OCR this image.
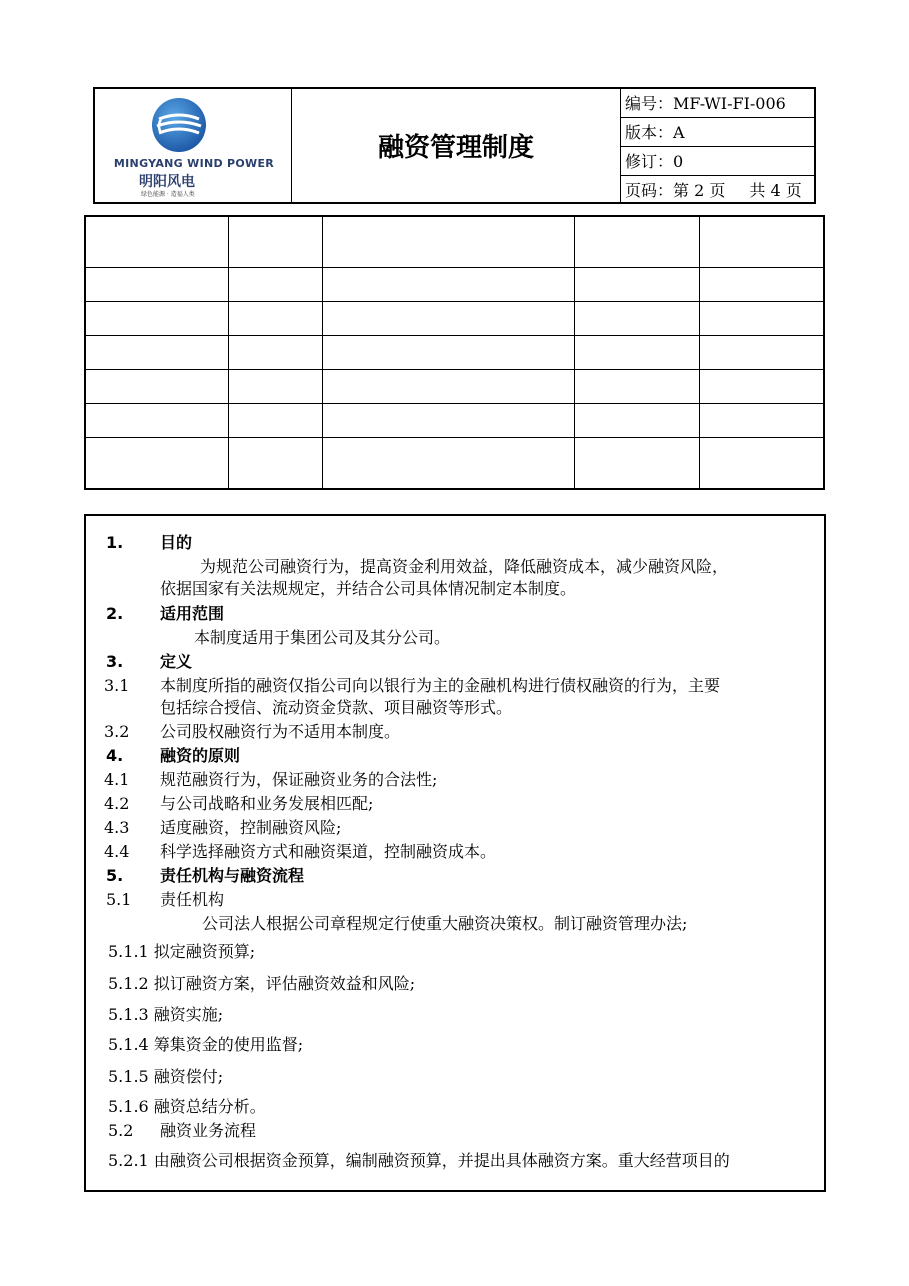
MINGYANG WIND POWER
明阳风电
绿色能源 · 造福人类
融资管理制度
编号：MF-WI-FI-006
版本：A
修订：0
页码：第 2 页 共 4 页

1. 目的
为规范公司融资行为，提高资金利用效益，降低融资成本，减少融资风险，
依据国家有关法规规定，并结合公司具体情况制定本制度。
2. 适用范围
本制度适用于集团公司及其分公司。
3. 定义
3.1 本制度所指的融资仅指公司向以银行为主的金融机构进行债权融资的行为，主要
包括综合授信、流动资金贷款、项目融资等形式。
3.2 公司股权融资行为不适用本制度。
4. 融资的原则
4.1 规范融资行为，保证融资业务的合法性;
4.2 与公司战略和业务发展相匹配;
4.3 适度融资，控制融资风险;
4.4 科学选择融资方式和融资渠道，控制融资成本。
5. 责任机构与融资流程
5.1 责任机构
公司法人根据公司章程规定行使重大融资决策权。制订融资管理办法;
5.1.1 拟定融资预算;
5.1.2 拟订融资方案，评估融资效益和风险;
5.1.3 融资实施;
5.1.4 筹集资金的使用监督;
5.1.5 融资偿付;
5.1.6 融资总结分析。
5.2 融资业务流程
5.2.1 由融资公司根据资金预算，编制融资预算，并提出具体融资方案。重大经营项目的
